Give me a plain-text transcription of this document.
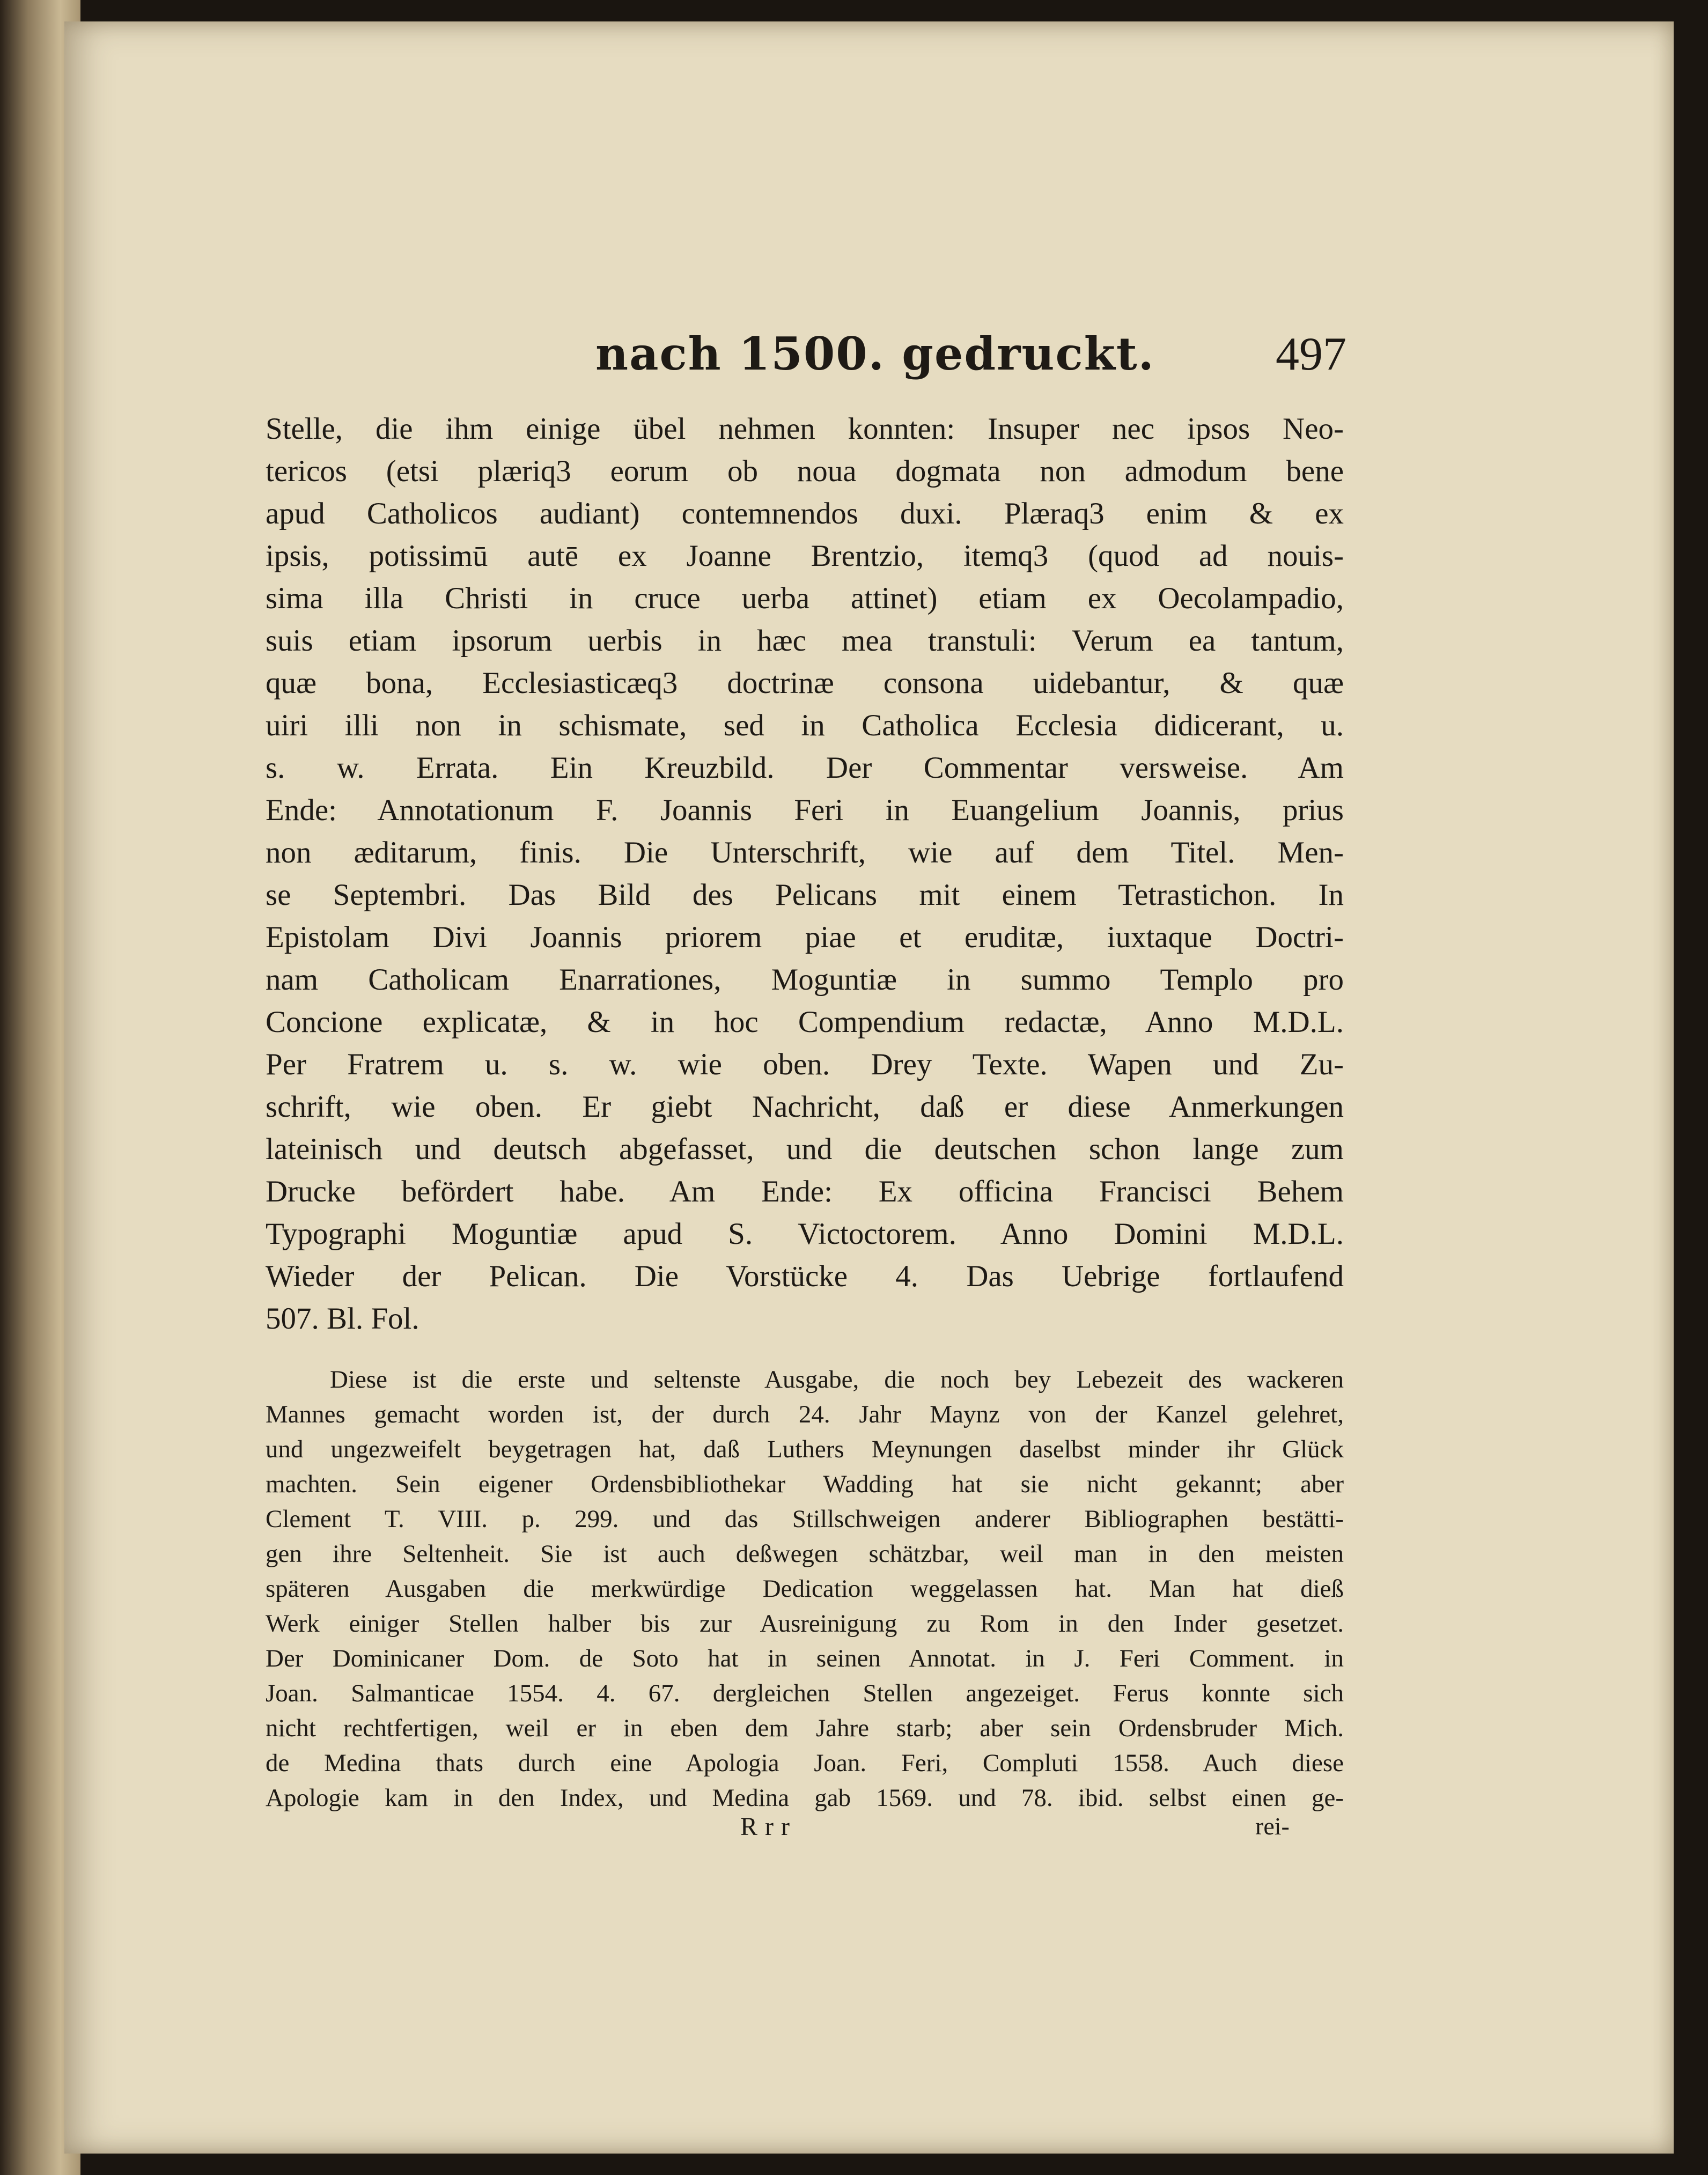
nach 1500. gedruckt.	497
Stelle, die ihm einige übel nehmen konnten: Insuper nec ipsos Neo-
tericos (etsi plæriq3 eorum ob noua dogmata non admodum bene
apud Catholicos audiant) contemnendos duxi. Plæraq3 enim & ex
ipsis, potissimū autē ex Joanne Brentzio, itemq3 (quod ad nouis-
sima illa Christi in cruce uerba attinet) etiam ex Oecolampadio,
suis etiam ipsorum uerbis in hæc mea transtuli: Verum ea tantum,
quæ bona, Ecclesiasticæq3 doctrinæ consona uidebantur, & quæ
uiri illi non in schismate, sed in Catholica Ecclesia didicerant, u.
s. w. Errata. Ein Kreuzbild. Der Commentar versweise. Am
Ende: Annotationum F. Joannis Feri in Euangelium Joannis, prius
non æditarum, finis. Die Unterschrift, wie auf dem Titel. Men-
se Septembri. Das Bild des Pelicans mit einem Tetrastichon. In
Epistolam Divi Joannis priorem piae et eruditæ, iuxtaque Doctri-
nam Catholicam Enarrationes, Moguntiæ in summo Templo pro
Concione explicatæ, & in hoc Compendium redactæ, Anno M.D.L.
Per Fratrem u. s. w. wie oben. Drey Texte. Wapen und Zu-
schrift, wie oben. Er giebt Nachricht, daß er diese Anmerkungen
lateinisch und deutsch abgefasset, und die deutschen schon lange zum
Drucke befördert habe. Am Ende: Ex officina Francisci Behem
Typographi Moguntiæ apud S. Victoctorem. Anno Domini M.D.L.
Wieder der Pelican. Die Vorstücke 4. Das Uebrige fortlaufend
507. Bl. Fol.
Diese ist die erste und seltenste Ausgabe, die noch bey Lebezeit des wackeren
Mannes gemacht worden ist, der durch 24. Jahr Maynz von der Kanzel gelehret,
und ungezweifelt beygetragen hat, daß Luthers Meynungen daselbst minder ihr Glück
machten. Sein eigener Ordensbibliothekar Wadding hat sie nicht gekannt; aber
Clement T. VIII. p. 299. und das Stillschweigen anderer Bibliographen bestätti-
gen ihre Seltenheit. Sie ist auch deßwegen schätzbar, weil man in den meisten
späteren Ausgaben die merkwürdige Dedication weggelassen hat. Man hat dieß
Werk einiger Stellen halber bis zur Ausreinigung zu Rom in den Inder gesetzet.
Der Dominicaner Dom. de Soto hat in seinen Annotat. in J. Feri Comment. in
Joan. Salmanticae 1554. 4. 67. dergleichen Stellen angezeiget. Ferus konnte sich
nicht rechtfertigen, weil er in eben dem Jahre starb; aber sein Ordensbruder Mich.
de Medina thats durch eine Apologia Joan. Feri, Compluti 1558. Auch diese
Apologie kam in den Index, und Medina gab 1569. und 78. ibid. selbst einen ge-
Rrr	rei-
